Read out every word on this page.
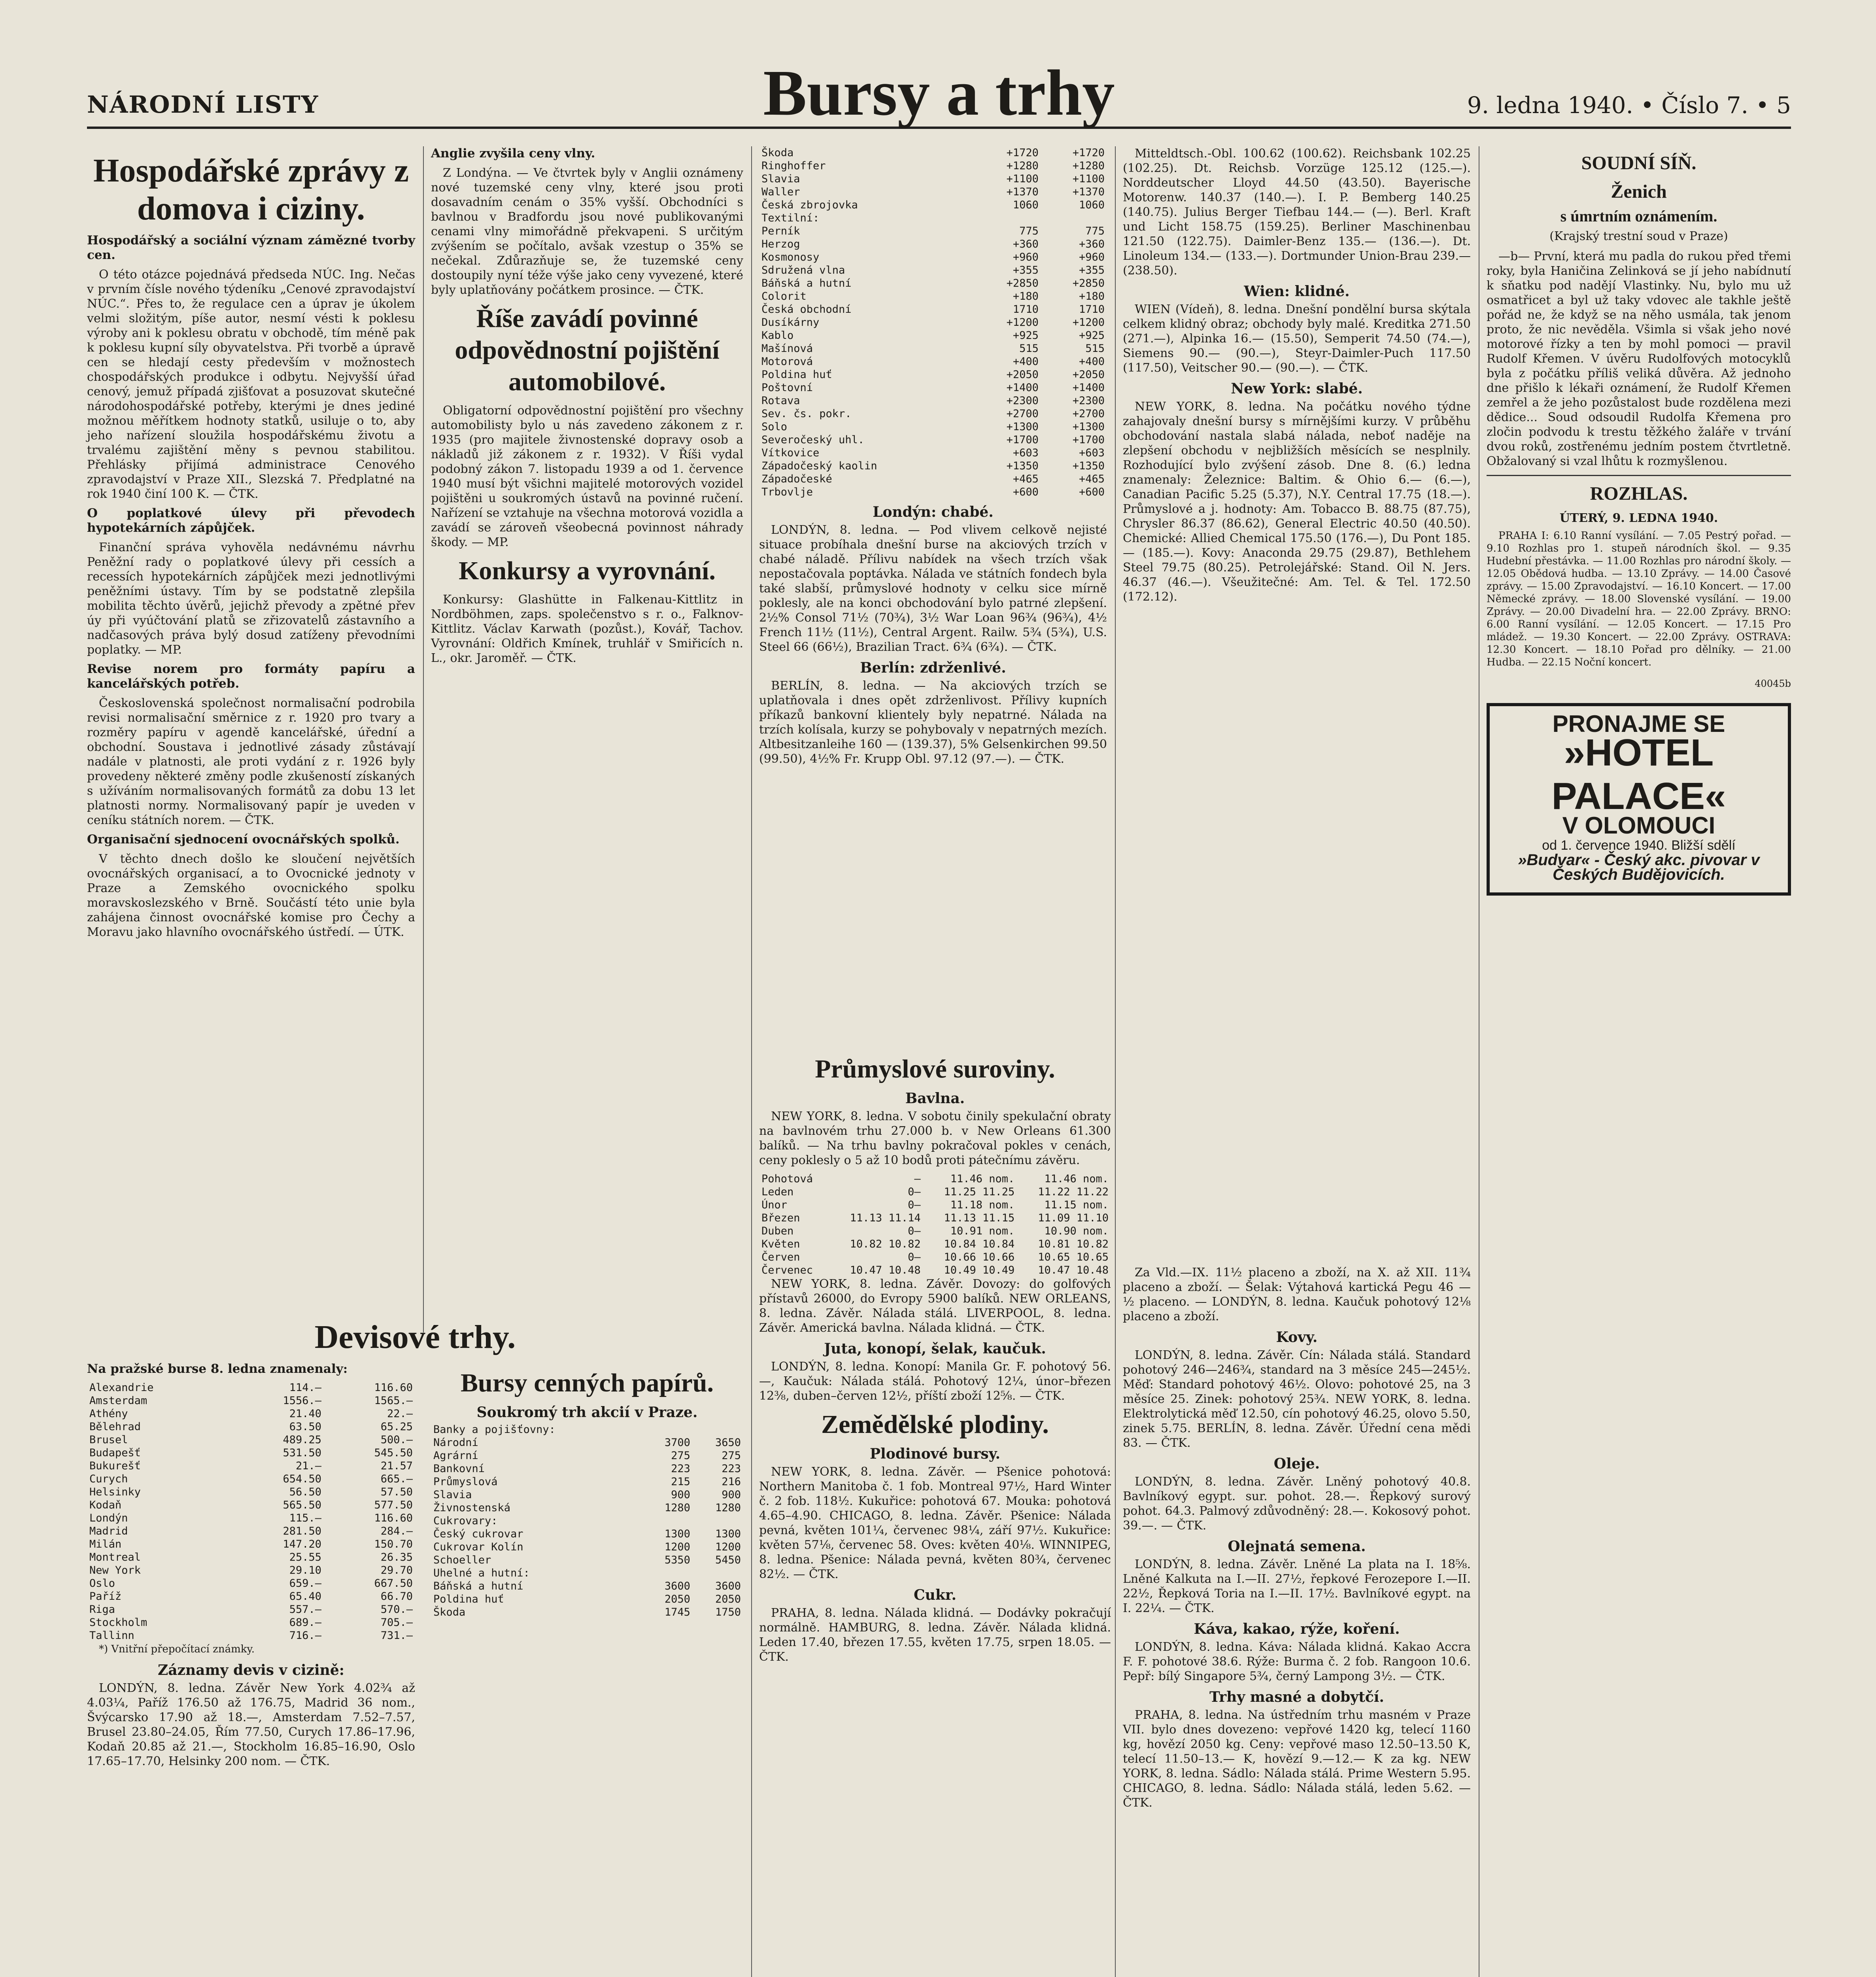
NÁRODNÍ LISTY	Bursy a trhy	9. ledna 1940. • Číslo 7. • 5
Hospodářské zprávy z domova i ciziny.

Hospodářský a sociální význam zámězné tvorby cen.

O této otázce pojednává předseda NÚC. Ing. Nečas v prvním čísle nového týdeníku „Cenové zpravodajství NÚC.“. Přes to, že regulace cen a úprav je úkolem velmi složitým, píše autor, nesmí vésti k poklesu výroby ani k poklesu obratu v obchodě, tím méně pak k poklesu kupní síly obyvatelstva. Při tvorbě a úpravě cen se hledají cesty především v možnostech chospodářských produkce i odbytu. Nejvyšší úřad cenový, jemuž případá zjišťovat a posuzovat skutečné národohospodářské potřeby, kterými je dnes jediné možnou měřítkem hodnoty statků, usiluje o to, aby jeho nařízení sloužila hospodářskému životu a trvalému zajištění měny s pevnou stabilitou. Přehlásky přijímá administrace Cenového zpravodajství v Praze XII., Slezská 7. Předplatné na rok 1940 činí 100 K. — ČTK.

O poplatkové úlevy při převodech hypotekárních zápůjček.

Finanční správa vyhověla nedávnému návrhu Peněžní rady o poplatkové úlevy při cessích a recessích hypotekárních zápůjček mezi jednotlivými peněžními ústavy. Tím by se podstatně zlepšila mobilita těchto úvěrů, jejichž převody a zpětné přev úy při vyúčtování platů se zřizovatelů zástavního a nadčasových práva bylý dosud zatíženy převodními poplatky. — MP.

Revise norem pro formáty papíru a kancelářských potřeb.

Československá společnost normalisační podrobila revisi normalisační směrnice z r. 1920 pro tvary a rozměry papíru v agendě kancelářské, úřední a obchodní. Soustava i jednotlivé zásady zůstávají nadále v platnosti, ale proti vydání z r. 1926 byly provedeny některé změny podle zkušeností získaných s užíváním normalisovaných formátů za dobu 13 let platnosti normy. Normalisovaný papír je uveden v ceníku státních norem. — ČTK.

Organisační sjednocení ovocnářských spolků.

V těchto dnech došlo ke sloučení největších ovocnářských organisací, a to Ovocnické jednoty v Praze a Zemského ovocnického spolku moravskoslezského v Brně. Součástí této unie byla zahájena činnost ovocnářské komise pro Čechy a Moravu jako hlavního ovocnářského ústředí. — ÚTK.

Anglie zvyšila ceny vlny.

Z Londýna. — Ve čtvrtek byly v Anglii oznámeny nové tuzemské ceny vlny, které jsou proti dosavadním cenám o 35% vyšší. Obchodníci s bavlnou v Bradfordu jsou nové publikovanými cenami vlny mimořádně překvapeni. S určitým zvýšením se počítalo, avšak vzestup o 35% se nečekal. Zdůrazňuje se, že tuzemské ceny dostoupily nyní téže výše jako ceny vyvezené, které byly uplatňovány počátkem prosince. — ČTK.

Říše zavádí povinné odpovědnostní pojištění automobilové.

Obligatorní odpovědnostní pojištění pro všechny automobilisty bylo u nás zavedeno zákonem z r. 1935 (pro majitele živnostenské dopravy osob a nákladů již zákonem z r. 1932). V Říši vydal podobný zákon 7. listopadu 1939 a od 1. července 1940 musí být všichni majitelé motorových vozidel pojištěni u soukromých ústavů na povinné ručení. Nařízení se vztahuje na všechna motorová vozidla a zavádí se zároveň všeobecná povinnost náhrady škody. — MP.

Konkursy a vyrovnání.

Konkursy: Glashütte in Falkenau-Kittlitz in Nordböhmen, zaps. společenstvo s r. o., Falknov-Kittlitz. Václav Karwath (pozůst.), Kovář, Tachov. Vyrovnání: Oldřich Kmínek, truhlář v Smiřicích n. L., okr. Jaroměř. — ČTK.

Devisové trhy.

Na pražské burse 8. ledna znamenaly:

Alexandrie	114.—	116.60
Amsterdam	1556.—	1565.—
Athény	21.40	22.—
Bělehrad	63.50	65.25
Brusel	489.25	500.—
Budapešť	531.50	545.50
Bukurešť	21.—	21.57
Curych	654.50	665.—
Helsinky	56.50	57.50
Kodaň	565.50	577.50
Londýn	115.—	116.60
Madrid	281.50	284.—
Milán	147.20	150.70
Montreal	25.55	26.35
New York	29.10	29.70
Oslo	659.—	667.50
Paříž	65.40	66.70
Riga	557.—	570.—
Stockholm	689.—	705.—
Tallinn	716.—	731.—

*) Vnitřní přepočítací známky.

Záznamy devis v cizině:

LONDÝN, 8. ledna. Závěr New York 4.02¾ až 4.03¼, Paříž 176.50 až 176.75, Madrid 36 nom., Švýcarsko 17.90 až 18.—, Amsterdam 7.52–7.57, Brusel 23.80–24.05, Řím 77.50, Curych 17.86–17.96, Kodaň 20.85 až 21.—, Stockholm 16.85–16.90, Oslo 17.65–17.70, Helsinky 200 nom. — ČTK.

Bursy cenných papírů.
Soukromý trh akcií v Praze.
Banky a pojišťovny:		
Národní	3700	3650
Agrární	275	275
Bankovní	223	223
Průmyslová	215	216
Slavia	900	900
Živnostenská	1280	1280
Cukrovary:		
Český cukrovar	1300	1300
Cukrovar Kolín	1200	1200
Schoeller	5350	5450
Uhelné a hutní:		
Báňská a hutní	3600	3600
Poldina huť	2050	2050
Škoda	1745	1750
Škoda	+1720	+1720
Ringhoffer	+1280	+1280
Slavia	+1100	+1100
Waller	+1370	+1370
Česká zbrojovka	1060	1060
Textilní:		
Perník	775	775
Herzog	+360	+360
Kosmonosy	+960	+960
Sdružená vlna	+355	+355
Báňská a hutní	+2850	+2850
Colorit	+180	+180
Česká obchodní	1710	1710
Dusíkárny	+1200	+1200
Kablo	+925	+925
Mašínová	515	515
Motorová	+400	+400
Poldina huť	+2050	+2050
Poštovní	+1400	+1400
Rotava	+2300	+2300
Sev. čs. pokr.	+2700	+2700
Solo	+1300	+1300
Severočeský uhl.	+1700	+1700
Vítkovice	+603	+603
Západočeský kaolin	+1350	+1350
Západočeské	+465	+465
Trbovlje	+600	+600
Londýn: chabé.

LONDÝN, 8. ledna. — Pod vlivem celkově nejisté situace probíhala dnešní burse na akciových trzích v chabé náladě. Přílivu nabídek na všech trzích však nepostačovala poptávka. Nálada ve státních fondech byla také slabší, průmyslové hodnoty v celku sice mírně poklesly, ale na konci obchodování bylo patrné zlepšení. 2½% Consol 71½ (70¾), 3½ War Loan 96¾ (96¾), 4½ French 11½ (11½), Central Argent. Railw. 5¾ (5¾), U.S. Steel 66 (66½), Brazilian Tract. 6¾ (6¾). — ČTK.

Berlín: zdrženlivé.

BERLÍN, 8. ledna. — Na akciových trzích se uplatňovala i dnes opět zdrženlivost. Přílivy kupních příkazů bankovní klientely byly nepatrné. Nálada na trzích kolísala, kurzy se pohybovaly v nepatrných mezích. Altbesitzanleihe 160 — (139.37), 5% Gelsenkirchen 99.50 (99.50), 4½% Fr. Krupp Obl. 97.12 (97.—). — ČTK.

Mitteldtsch.-Obl. 100.62 (100.62). Reichsbank 102.25 (102.25). Dt. Reichsb. Vorzüge 125.12 (125.—). Norddeutscher Lloyd 44.50 (43.50). Bayerische Motorenw. 140.37 (140.—). I. P. Bemberg 140.25 (140.75). Julius Berger Tiefbau 144.— (—). Berl. Kraft und Licht 158.75 (159.25). Berliner Maschinenbau 121.50 (122.75). Daimler-Benz 135.— (136.—). Dt. Linoleum 134.— (133.—). Dortmunder Union-Brau 239.— (238.50).

Wien: klidné.

WIEN (Vídeň), 8. ledna. Dnešní pondělní bursa skýtala celkem klidný obraz; obchody byly malé. Kreditka 271.50 (271.—), Alpinka 16.— (15.50), Semperit 74.50 (74.—), Siemens 90.— (90.—), Steyr-Daimler-Puch 117.50 (117.50), Veitscher 90.— (90.—). — ČTK.

New York: slabé.

NEW YORK, 8. ledna. Na počátku nového týdne zahajovaly dnešní bursy s mírnějšími kurzy. V průběhu obchodování nastala slabá nálada, neboť naděje na zlepšení obchodu v nejbližších měsících se nesplnily. Rozhodující bylo zvýšení zásob. Dne 8. (6.) ledna znamenaly: Železnice: Baltim. & Ohio 6.— (6.—), Canadian Pacific 5.25 (5.37), N.Y. Central 17.75 (18.—). Průmyslové a j. hodnoty: Am. Tobacco B. 88.75 (87.75), Chrysler 86.37 (86.62), General Electric 40.50 (40.50). Chemické: Allied Chemical 175.50 (176.—), Du Pont 185.— (185.—). Kovy: Anaconda 29.75 (29.87), Bethlehem Steel 79.75 (80.25). Petrolejářské: Stand. Oil N. Jers. 46.37 (46.—). Všeužitečné: Am. Tel. & Tel. 172.50 (172.12).

Průmyslové suroviny.
Bavlna.

NEW YORK, 8. ledna. V sobotu činily spekulační obraty na bavlnovém trhu 27.000 b. v New Orleans 61.300 balíků. — Na trhu bavlny pokračoval pokles v cenách, ceny poklesly o 5 až 10 bodů proti pátečnímu závěru.

Pohotová	—	11.46 nom.	11.46 nom.
Leden	0—	11.25 11.25	11.22 11.22
Únor	0—	11.18 nom.	11.15 nom.
Březen	11.13 11.14	11.13 11.15	11.09 11.10
Duben	0—	10.91 nom.	10.90 nom.
Květen	10.82 10.82	10.84 10.84	10.81 10.82
Červen	0—	10.66 10.66	10.65 10.65
Červenec	10.47 10.48	10.49 10.49	10.47 10.48

NEW YORK, 8. ledna. Závěr. Dovozy: do golfových přístavů 26000, do Evropy 5900 balíků. NEW ORLEANS, 8. ledna. Závěr. Nálada stálá. LIVERPOOL, 8. ledna. Závěr. Americká bavlna. Nálada klidná. — ČTK.

Juta, konopí, šelak, kaučuk.

LONDÝN, 8. ledna. Konopí: Manila Gr. F. pohotový 56.—, Kaučuk: Nálada stálá. Pohotový 12¼, únor–březen 12⅜, duben–červen 12½, příští zboží 12⅝. — ČTK.

Zemědělské plodiny.
Plodinové bursy.

NEW YORK, 8. ledna. Závěr. — Pšenice pohotová: Northern Manitoba č. 1 fob. Montreal 97½, Hard Winter č. 2 fob. 118½. Kukuřice: pohotová 67. Mouka: pohotová 4.65–4.90. CHICAGO, 8. ledna. Závěr. Pšenice: Nálada pevná, květen 101¼, červenec 98¼, září 97½. Kukuřice: květen 57⅛, červenec 58. Oves: květen 40⅛. WINNIPEG, 8. ledna. Pšenice: Nálada pevná, květen 80¾, červenec 82½. — ČTK.

Cukr.

PRAHA, 8. ledna. Nálada klidná. — Dodávky pokračují normálně. HAMBURG, 8. ledna. Závěr. Nálada klidná. Leden 17.40, březen 17.55, květen 17.75, srpen 18.05. — ČTK.

Za Vld.—IX. 11½ placeno a zboží, na X. až XII. 11¾ placeno a zboží. — Šelak: Výtahová kartická Pegu 46 — ½ placeno. — LONDÝN, 8. ledna. Kaučuk pohotový 12⅛ placeno a zboží.

Kovy.

LONDÝN, 8. ledna. Závěr. Cín: Nálada stálá. Standard pohotový 246—246¾, standard na 3 měsíce 245—245½. Měď: Standard pohotový 46½. Olovo: pohotové 25, na 3 měsíce 25. Zinek: pohotový 25¾. NEW YORK, 8. ledna. Elektrolytická měď 12.50, cín pohotový 46.25, olovo 5.50, zinek 5.75. BERLÍN, 8. ledna. Závěr. Úřední cena mědi 83. — ČTK.

Oleje.

LONDÝN, 8. ledna. Závěr. Lněný pohotový 40.8. Bavlníkový egypt. sur. pohot. 28.—. Řepkový surový pohot. 64.3. Palmový zdůvodněný: 28.—. Kokosový pohot. 39.—. — ČTK.

Olejnatá semena.

LONDÝN, 8. ledna. Závěr. Lněné La plata na I. 18⅝. Lněné Kalkuta na I.—II. 27½, řepkové Ferozepore I.—II. 22½, Řepková Toria na I.—II. 17½. Bavlníkové egypt. na I. 22¼. — ČTK.

Káva, kakao, rýže, koření.

LONDÝN, 8. ledna. Káva: Nálada klidná. Kakao Accra F. F. pohotové 38.6. Rýže: Burma č. 2 fob. Rangoon 10.6. Pepř: bílý Singapore 5¾, černý Lampong 3½. — ČTK.

Trhy masné a dobytčí.

PRAHA, 8. ledna. Na ústředním trhu masném v Praze VII. bylo dnes dovezeno: vepřové 1420 kg, telecí 1160 kg, hovězí 2050 kg. Ceny: vepřové maso 12.50–13.50 K, telecí 11.50–13.— K, hovězí 9.—12.— K za kg. NEW YORK, 8. ledna. Sádlo: Nálada stálá. Prime Western 5.95. CHICAGO, 8. ledna. Sádlo: Nálada stálá, leden 5.62. — ČTK.

SOUDNÍ SÍŇ.
Ženich
s úmrtním oznámením.
(Krajský trestní soud v Praze)

—b— První, která mu padla do rukou před třemi roky, byla Haničina Zelinková se jí jeho nabídnutí k sňatku pod nadějí Vlastinky. Nu, bylo mu už osmatřicet a byl už taky vdovec ale takhle ještě pořád ne, že když se na něho usmála, tak jenom proto, že nic nevěděla. Všimla si však jeho nové motorové řízky a ten by mohl pomoci — pravil Rudolf Křemen. V úvěru Rudolfových motocyklů byla z počátku příliš veliká důvěra. Až jednoho dne přišlo k lékaři oznámení, že Rudolf Křemen zemřel a že jeho pozůstalost bude rozdělena mezi dědice... Soud odsoudil Rudolfa Křemena pro zločin podvodu k trestu těžkého žaláře v trvání dvou roků, zostřenému jedním postem čtvrtletně. Obžalovaný si vzal lhůtu k rozmyšlenou.

ROZHLAS.
ÚTERÝ, 9. LEDNA 1940.

PRAHA I: 6.10 Ranní vysílání. — 7.05 Pestrý pořad. — 9.10 Rozhlas pro 1. stupeň národních škol. — 9.35 Hudební přestávka. — 11.00 Rozhlas pro národní školy. — 12.05 Obědová hudba. — 13.10 Zprávy. — 14.00 Časové zprávy. — 15.00 Zpravodajství. — 16.10 Koncert. — 17.00 Německé zprávy. — 18.00 Slovenské vysílání. — 19.00 Zprávy. — 20.00 Divadelní hra. — 22.00 Zprávy. BRNO: 6.00 Ranní vysílání. — 12.05 Koncert. — 17.15 Pro mládež. — 19.30 Koncert. — 22.00 Zprávy. OSTRAVA: 12.30 Koncert. — 18.10 Pořad pro dělníky. — 21.00 Hudba. — 22.15 Noční koncert.

40045b
PRONAJME SE
»HOTEL PALACE«
V OLOMOUCI
od 1. července 1940. Bližší sdělí
»Budvar« - Český akc. pivovar v Českých Budějovicích.
